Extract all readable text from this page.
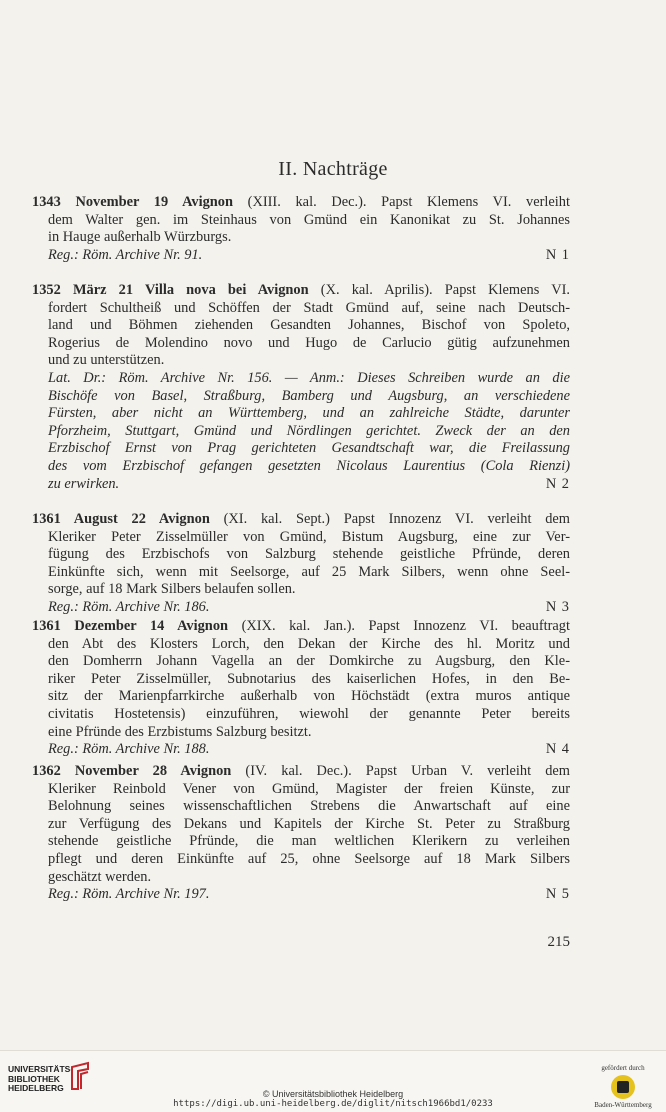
II. Nachträge
1343 November 19 Avignon (XIII. kal. Dec.). Papst Klemens VI. verleiht
dem Walter gen. im Steinhaus von Gmünd ein Kanonikat zu St. Johannes
in Hauge außerhalb Würzburgs.
Reg.: Röm. Archive Nr. 91.	N 1
1352 März 21 Villa nova bei Avignon (X. kal. Aprilis). Papst Klemens VI.
fordert Schultheiß und Schöffen der Stadt Gmünd auf, seine nach Deutsch-
land und Böhmen ziehenden Gesandten Johannes, Bischof von Spoleto,
Rogerius de Molendino novo und Hugo de Carlucio gütig aufzunehmen
und zu unterstützen.
Lat. Dr.: Röm. Archive Nr. 156. — Anm.: Dieses Schreiben wurde an die
Bischöfe von Basel, Straßburg, Bamberg und Augsburg, an verschiedene
Fürsten, aber nicht an Württemberg, und an zahlreiche Städte, darunter
Pforzheim, Stuttgart, Gmünd und Nördlingen gerichtet. Zweck der an den
Erzbischof Ernst von Prag gerichteten Gesandtschaft war, die Freilassung
des vom Erzbischof gefangen gesetzten Nicolaus Laurentius (Cola Rienzi)
zu erwirken.	N 2
1361 August 22 Avignon (XI. kal. Sept.) Papst Innozenz VI. verleiht dem
Kleriker Peter Zisselmüller von Gmünd, Bistum Augsburg, eine zur Ver-
fügung des Erzbischofs von Salzburg stehende geistliche Pfründe, deren
Einkünfte sich, wenn mit Seelsorge, auf 25 Mark Silbers, wenn ohne Seel-
sorge, auf 18 Mark Silbers belaufen sollen.
Reg.: Röm. Archive Nr. 186.	N 3
1361 Dezember 14 Avignon (XIX. kal. Jan.). Papst Innozenz VI. beauftragt
den Abt des Klosters Lorch, den Dekan der Kirche des hl. Moritz und
den Domherrn Johann Vagella an der Domkirche zu Augsburg, den Kle-
riker Peter Zisselmüller, Subnotarius des kaiserlichen Hofes, in den Be-
sitz der Marienpfarrkirche außerhalb von Höchstädt (extra muros antique
civitatis Hostetensis) einzuführen, wiewohl der genannte Peter bereits
eine Pfründe des Erzbistums Salzburg besitzt.
Reg.: Röm. Archive Nr. 188.	N 4
1362 November 28 Avignon (IV. kal. Dec.). Papst Urban V. verleiht dem
Kleriker Reinbold Vener von Gmünd, Magister der freien Künste, zur
Belohnung seines wissenschaftlichen Strebens die Anwartschaft auf eine
zur Verfügung des Dekans und Kapitels der Kirche St. Peter zu Straßburg
stehende geistliche Pfründe, die man weltlichen Klerikern zu verleihen
pflegt und deren Einkünfte auf 25, ohne Seelsorge auf 18 Mark Silbers
geschätzt werden.
Reg.: Röm. Archive Nr. 197.	N 5
215
UNIVERSITÄTS-
BIBLIOTHEK
HEIDELBERG
© Universitätsbibliothek Heidelberg
https://digi.ub.uni-heidelberg.de/diglit/nitsch1966bd1/0233
gefördert durch
Baden-Württemberg
